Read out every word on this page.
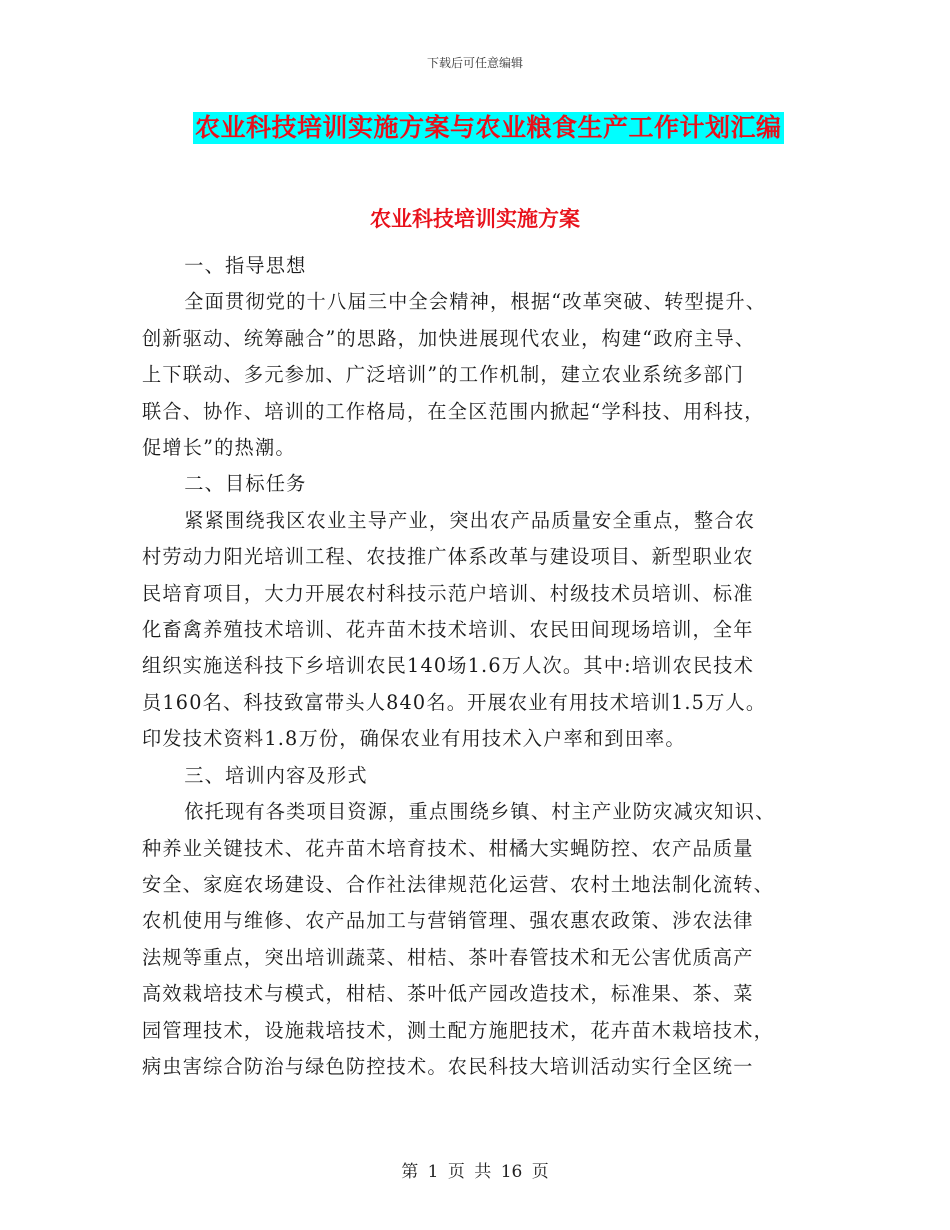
下载后可任意编辑
农业科技培训实施方案与农业粮食生产工作计划汇编
农业科技培训实施方案

一、指导思想

全面贯彻党的十八届三中全会精神，根据“改革突破、转型提升、
创新驱动、统筹融合”的思路，加快进展现代农业，构建“政府主导、
上下联动、多元参加、广泛培训”的工作机制，建立农业系统多部门
联合、协作、培训的工作格局，在全区范围内掀起“学科技、用科技，
促增长”的热潮。

二、目标任务

紧紧围绕我区农业主导产业，突出农产品质量安全重点，整合农
村劳动力阳光培训工程、农技推广体系改革与建设项目、新型职业农
民培育项目，大力开展农村科技示范户培训、村级技术员培训、标准
化畜禽养殖技术培训、花卉苗木技术培训、农民田间现场培训，全年
组织实施送科技下乡培训农民140场1.6万人次。其中:培训农民技术
员160名、科技致富带头人840名。开展农业有用技术培训1.5万人。
印发技术资料1.8万份，确保农业有用技术入户率和到田率。

三、培训内容及形式

依托现有各类项目资源，重点围绕乡镇、村主产业防灾减灾知识、
种养业关键技术、花卉苗木培育技术、柑橘大实蝇防控、农产品质量
安全、家庭农场建设、合作社法律规范化运营、农村土地法制化流转、
农机使用与维修、农产品加工与营销管理、强农惠农政策、涉农法律
法规等重点，突出培训蔬菜、柑桔、茶叶春管技术和无公害优质高产
高效栽培技术与模式，柑桔、茶叶低产园改造技术，标准果、茶、菜
园管理技术，设施栽培技术，测土配方施肥技术，花卉苗木栽培技术，
病虫害综合防治与绿色防控技术。农民科技大培训活动实行全区统一

第 1 页 共 16 页
